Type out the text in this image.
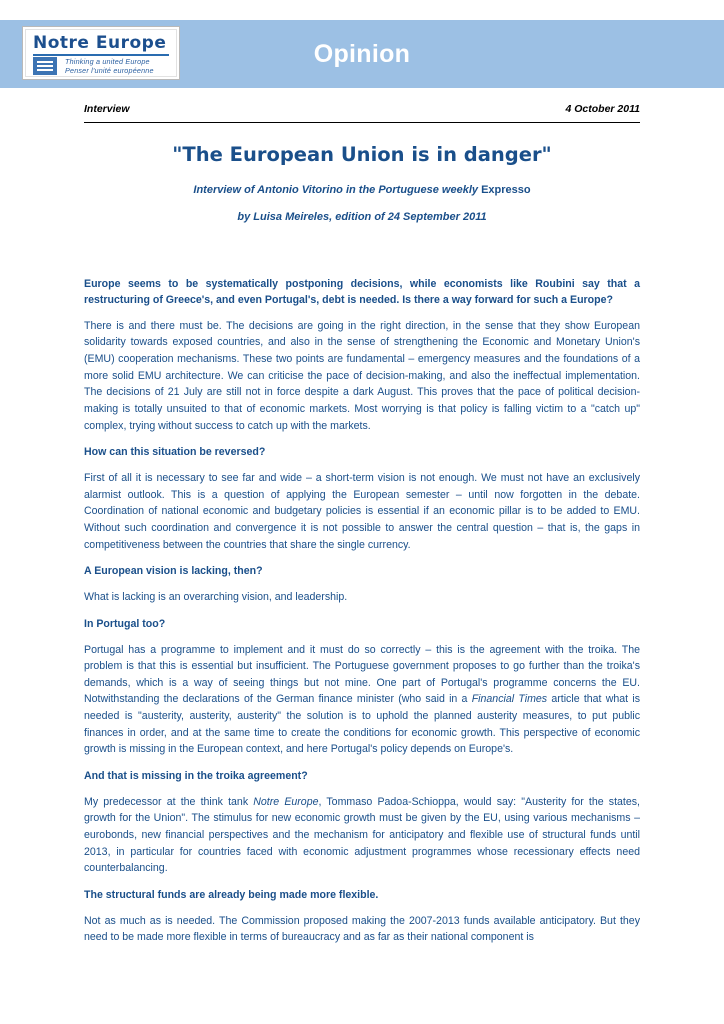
Opinion
Notre Europe
Thinking a united Europe
Penser l'unité européenne
Interview	4 October 2011
"The European Union is in danger"
Interview of Antonio Vitorino in the Portuguese weekly Expresso
by Luisa Meireles, edition of 24 September 2011

Europe seems to be systematically postponing decisions, while economists like Roubini say that a restructuring of Greece's, and even Portugal's, debt is needed. Is there a way forward for such a Europe?

There is and there must be. The decisions are going in the right direction, in the sense that they show European solidarity towards exposed countries, and also in the sense of strengthening the Economic and Monetary Union's (EMU) cooperation mechanisms. These two points are fundamental – emergency measures and the foundations of a more solid EMU architecture. We can criticise the pace of decision-making, and also the ineffectual implementation. The decisions of 21 July are still not in force despite a dark August. This proves that the pace of political decision-making is totally unsuited to that of economic markets. Most worrying is that policy is falling victim to a "catch up" complex, trying without success to catch up with the markets.

How can this situation be reversed?

First of all it is necessary to see far and wide – a short-term vision is not enough. We must not have an exclusively alarmist outlook. This is a question of applying the European semester – until now forgotten in the debate. Coordination of national economic and budgetary policies is essential if an economic pillar is to be added to EMU. Without such coordination and convergence it is not possible to answer the central question – that is, the gaps in competitiveness between the countries that share the single currency.

A European vision is lacking, then?

What is lacking is an overarching vision, and leadership.

In Portugal too?

Portugal has a programme to implement and it must do so correctly – this is the agreement with the troika. The problem is that this is essential but insufficient. The Portuguese government proposes to go further than the troika's demands, which is a way of seeing things but not mine. One part of Portugal's programme concerns the EU. Notwithstanding the declarations of the German finance minister (who said in a Financial Times article that what is needed is "austerity, austerity, austerity" the solution is to uphold the planned austerity measures, to put public finances in order, and at the same time to create the conditions for economic growth. This perspective of economic growth is missing in the European context, and here Portugal's policy depends on Europe's.

And that is missing in the troika agreement?

My predecessor at the think tank Notre Europe, Tommaso Padoa-Schioppa, would say: "Austerity for the states, growth for the Union". The stimulus for new economic growth must be given by the EU, using various mechanisms – eurobonds, new financial perspectives and the mechanism for anticipatory and flexible use of structural funds until 2013, in particular for countries faced with economic adjustment programmes whose recessionary effects need counterbalancing.

The structural funds are already being made more flexible.

Not as much as is needed. The Commission proposed making the 2007-2013 funds available anticipatory. But they need to be made more flexible in terms of bureaucracy and as far as their national component is
